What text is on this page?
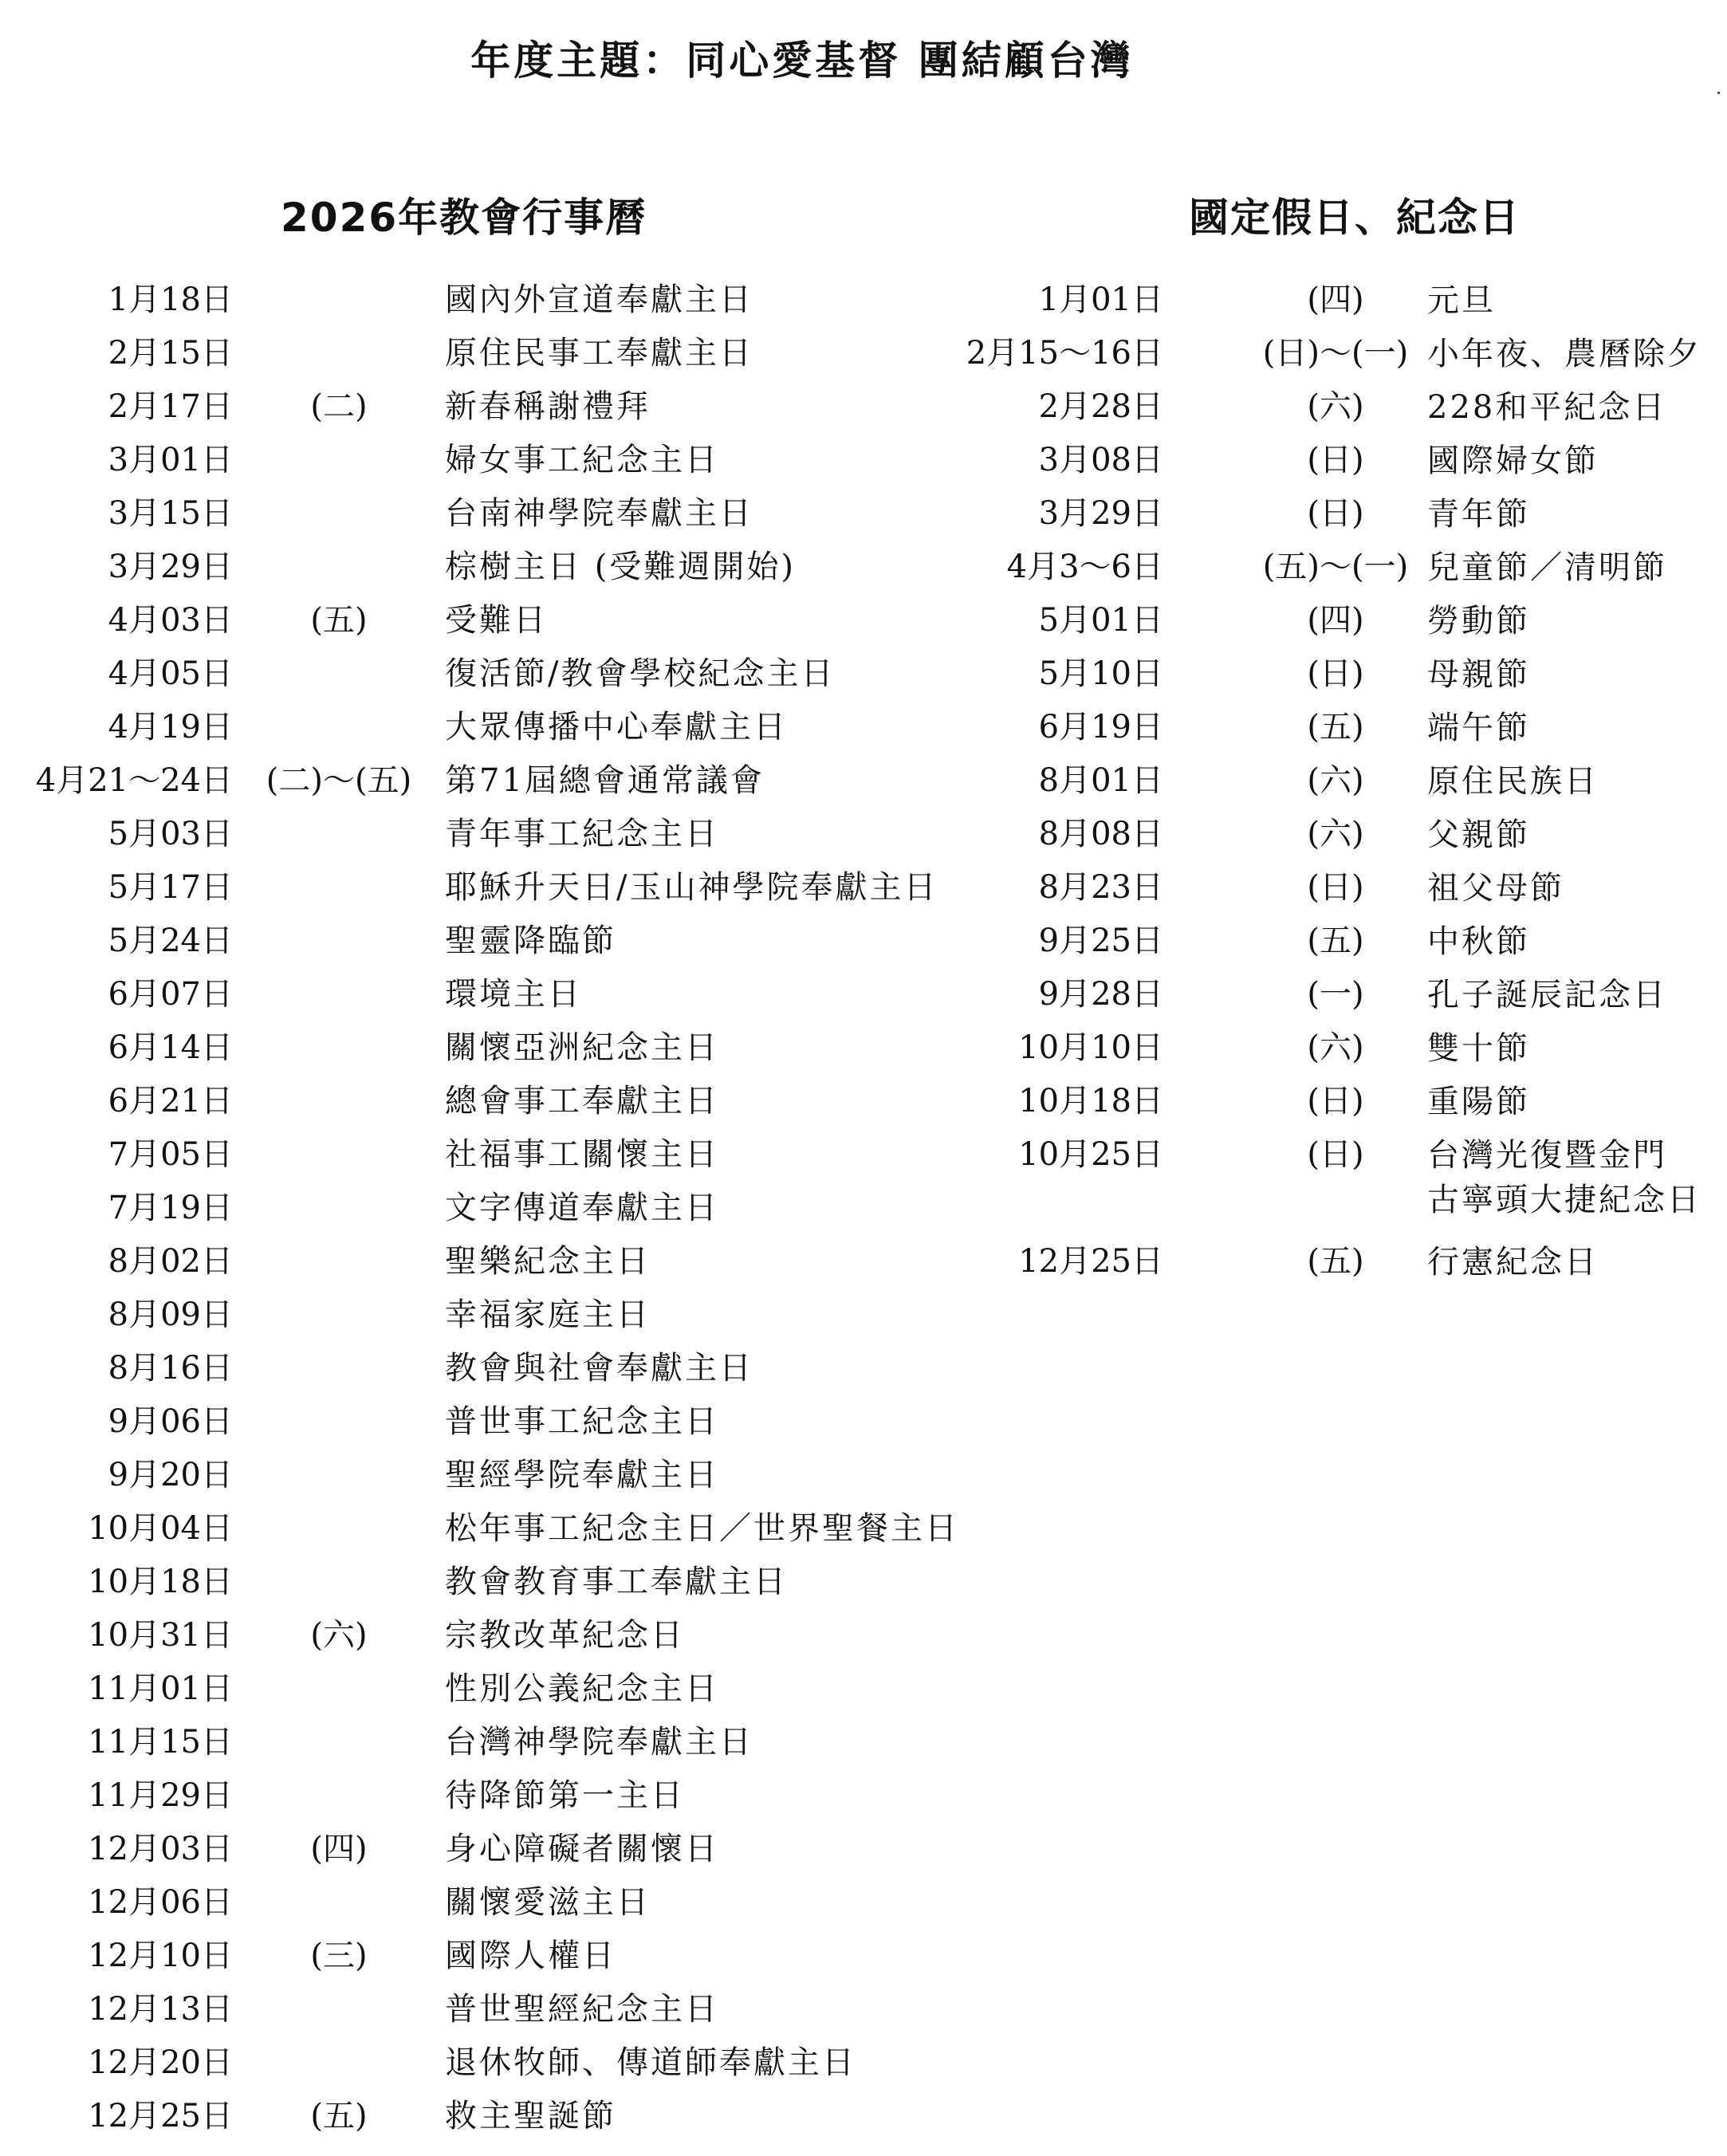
年度主題：同心愛基督 團結顧台灣
2026年教會行事曆	國定假日、紀念日
1月18日	國內外宣道奉獻主日
2月15日	原住民事工奉獻主日
2月17日	(二)	新春稱謝禮拜
3月01日	婦女事工紀念主日
3月15日	台南神學院奉獻主日
3月29日	棕樹主日 (受難週開始)
4月03日	(五)	受難日
4月05日	復活節/教會學校紀念主日
4月19日	大眾傳播中心奉獻主日
4月21～24日	(二)～(五)	第71屆總會通常議會
5月03日	青年事工紀念主日
5月17日	耶穌升天日/玉山神學院奉獻主日
5月24日	聖靈降臨節
6月07日	環境主日
6月14日	關懷亞洲紀念主日
6月21日	總會事工奉獻主日
7月05日	社福事工關懷主日
7月19日	文字傳道奉獻主日
8月02日	聖樂紀念主日
8月09日	幸福家庭主日
8月16日	教會與社會奉獻主日
9月06日	普世事工紀念主日
9月20日	聖經學院奉獻主日
10月04日	松年事工紀念主日／世界聖餐主日
10月18日	教會教育事工奉獻主日
10月31日	(六)	宗教改革紀念日
11月01日	性別公義紀念主日
11月15日	台灣神學院奉獻主日
11月29日	待降節第一主日
12月03日	(四)	身心障礙者關懷日
12月06日	關懷愛滋主日
12月10日	(三)	國際人權日
12月13日	普世聖經紀念主日
12月20日	退休牧師、傳道師奉獻主日
12月25日	(五)	救主聖誕節
1月01日	(四)	元旦
2月15～16日	(日)～(一) 小年夜、農曆除夕
2月28日	(六)	228和平紀念日
3月08日	(日)	國際婦女節
3月29日	(日)	青年節
4月3～6日	(五)～(一) 兒童節／清明節
5月01日	(四)	勞動節
5月10日	(日)	母親節
6月19日	(五)	端午節
8月01日	(六)	原住民族日
8月08日	(六)	父親節
8月23日	(日)	祖父母節
9月25日	(五)	中秋節
9月28日	(一)	孔子誕辰記念日
10月10日	(六)	雙十節
10月18日	(日)	重陽節
10月25日	(日)	台灣光復暨金門
古寧頭大捷紀念日
12月25日	(五)	行憲紀念日
